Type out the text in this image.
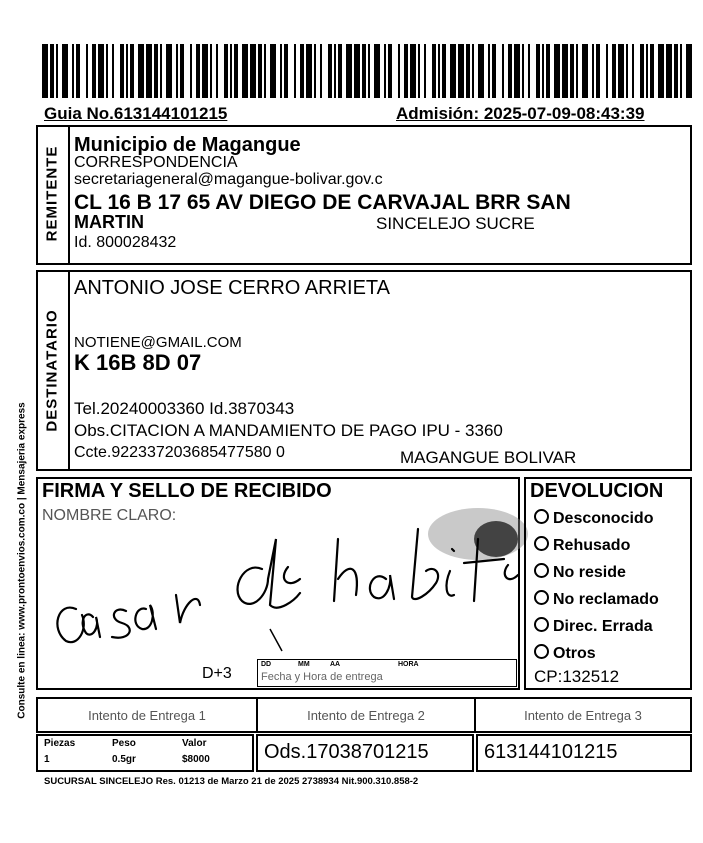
Guia No.613144101215	Admisión: 2025-07-09-08:43:39
REMITENTE
Municipio de Magangue
CORRESPONDENCIA
secretariageneral@magangue-bolivar.gov.c
CL 16 B 17 65 AV DIEGO DE CARVAJAL BRR SAN
MARTIN	SINCELEJO SUCRE
Id. 800028432
DESTINATARIO
ANTONIO JOSE CERRO ARRIETA
NOTIENE@GMAIL.COM
K 16B 8D 07
Tel.20240003360 Id.3870343
Obs.CITACION A MANDAMIENTO DE PAGO IPU - 3360
Ccte.922337203685477580 0	MAGANGUE BOLIVAR
FIRMA Y SELLO DE RECIBIDO
NOMBRE CLARO:
D+3
DD	MM	AA	HORA
Fecha y Hora de entrega
DEVOLUCION
Desconocido
Rehusado
No reside
No reclamado
Direc. Errada
Otros
CP:132512
Intento de Entrega 1	Intento de Entrega 2	Intento de Entrega 3
Piezas	Peso	Valor
1	0.5gr	$8000	Ods.17038701215	613144101215
SUCURSAL SINCELEJO Res. 01213 de Marzo 21 de 2025 2738934 Nit.900.310.858-2
Consulte en linea: www.prontoenvios.com.co | Mensajeria express
